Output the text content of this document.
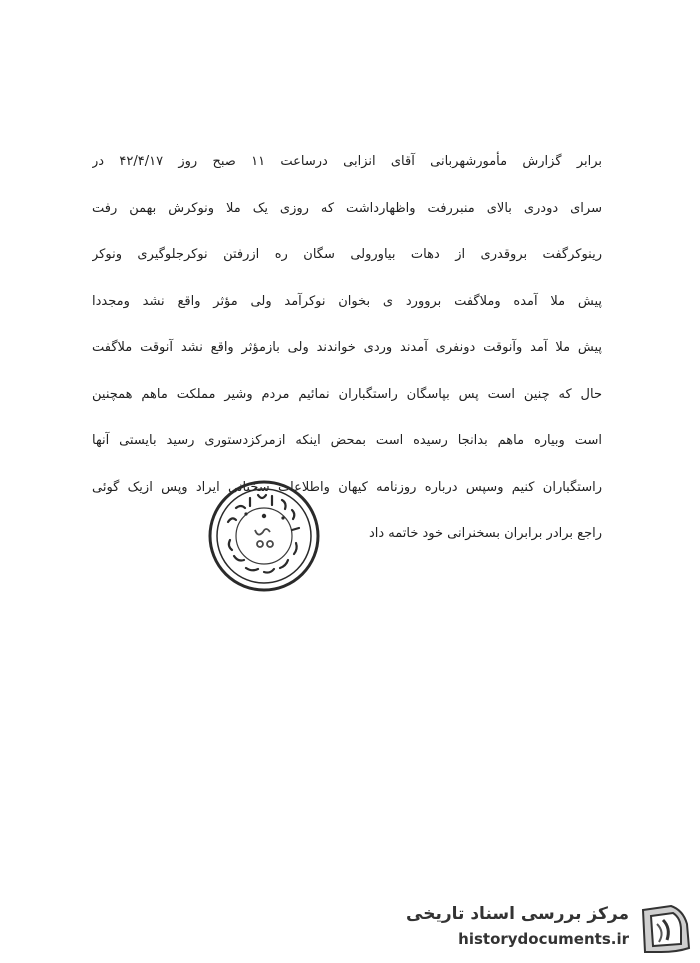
برابر گزارش مأمورشهربانی آقای انزابی درساعت ۱۱ صبح روز ۴۲/۴/۱۷ در
سرای دودری بالای منبررفت واظهارداشت که روزی یک ملا ونوکرش بهمن رفت
رینوکرگفت بروقدری از دهات بیاورولی سگان ره ازرفتن نوکرجلوگیری ونوکر
پیش ملا آمده وملاگفت بروورد ی بخوان نوکرآمد ولی مؤثر واقع نشد ومجددا
پیش ملا آمد وآنوقت دونفری آمدند وردی خواندند ولی بازمؤثر واقع نشد آنوقت ملاگفت
حال که چنین است پس بپاسگان راستگباران نمائیم مردم وشیر مملکت ماهم همچنین
است وبیاره ماهم بدانجا رسیده است بمحض اینکه ازمرکزدستوری رسید بایستی آنها
راستگباران کنیم وسپس درباره روزنامه کیهان واطلاعات سخنانی ایراد وپس ازیک گوئی
راجع برادر برابران بسخنرانی خود خاتمه داد
مرکز بررسی اسناد تاریخی
historydocuments.ir
